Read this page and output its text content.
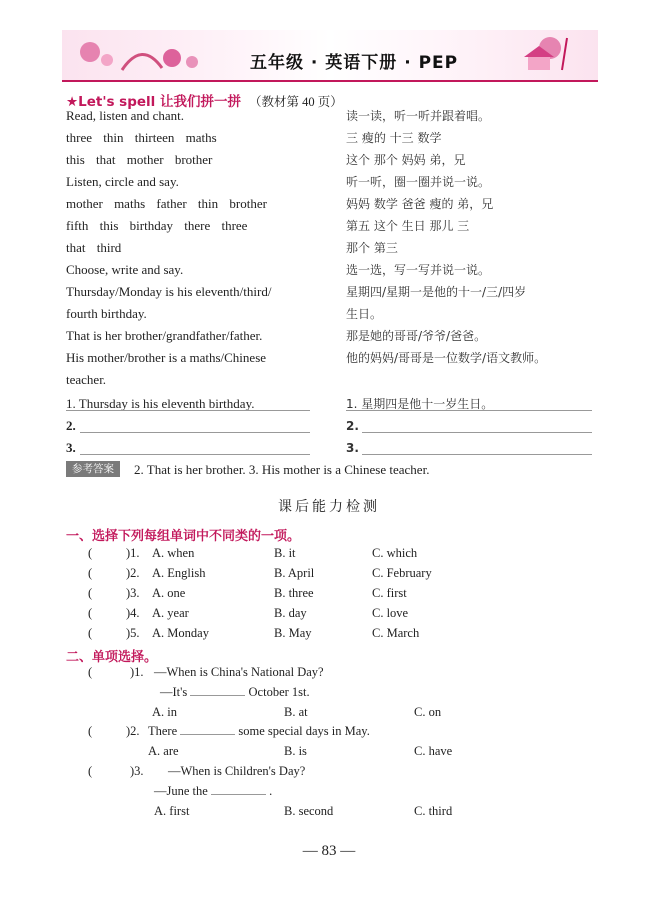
五年级 · 英语下册 · PEP
★Let's spell 让我们拼一拼 （教材第 40 页）
Read, listen and chant.	读一读，听一听并跟着唱。
three thin thirteen maths	三 瘦的 十三 数学
this that mother brother	这个 那个 妈妈 弟，兄
Listen, circle and say.	听一听，圈一圈并说一说。
mother maths father thin brother	妈妈 数学 爸爸 瘦的 弟，兄
fifth this birthday there three	第五 这个 生日 那儿 三
that third	那个 第三
Choose, write and say.	选一选，写一写并说一说。
Thursday/Monday is his eleventh/third/	星期四/星期一是他的十一/三/四岁
fourth birthday.	生日。
That is her brother/grandfather/father.	那是她的哥哥/爷爷/爸爸。
His mother/brother is a maths/Chinese	他的妈妈/哥哥是一位数学/语文教师。
teacher.
1. Thursday is his eleventh birthday.	1. 星期四是他十一岁生日。
2.	2.
3.	3.
参考答案	2. That is her brother. 3. His mother is a Chinese teacher.
课后能力检测
一、选择下列每组单词中不同类的一项。
(	)1. A. when	B. it	C. which
(	)2. A. English	B. April	C. February
(	)3. A. one	B. three	C. first
(	)4. A. year	B. day	C. love
(	)5. A. Monday	B. May	C. March
二、单项选择。
(	)1. —When is China's National Day?
—It's	October 1st.
A. in	B. at	C. on
(	)2. There	some special days in May.
A. are	B. is	C. have
(	)3. —When is Children's Day?
—June the	.
A. first	B. second	C. third
— 83 —
